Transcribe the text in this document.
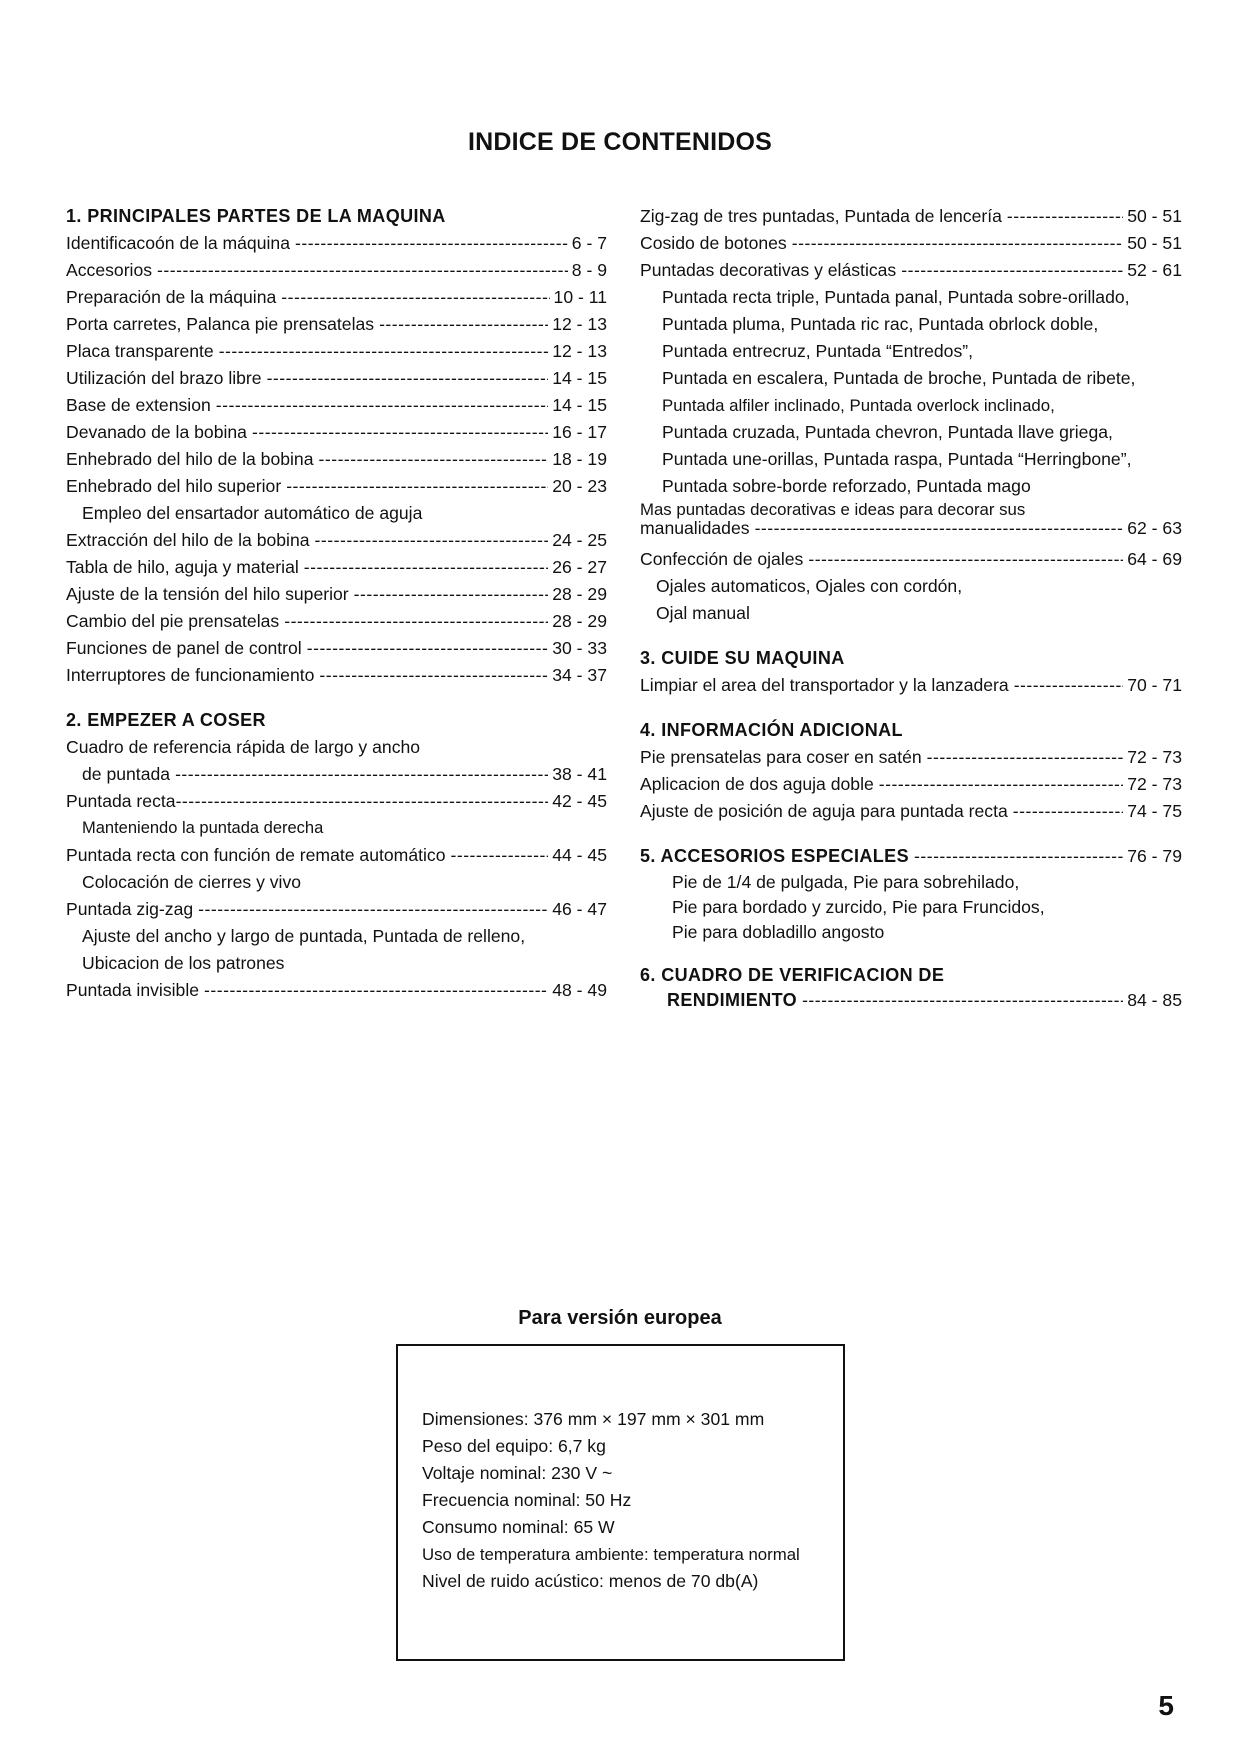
INDICE DE CONTENIDOS
1. PRINCIPALES PARTES DE LA MAQUINA
Identificacoón de la máquina -----	6 - 7
Accesorios -----	8 - 9
Preparación de la máquina -----	10 - 11
Porta carretes, Palanca pie prensatelas -----	12 - 13
Placa transparente -----	12 - 13
Utilización del brazo libre -----	14 - 15
Base de extension -----	14 - 15
Devanado de la bobina -----	16 - 17
Enhebrado del hilo de la bobina -----	18 - 19
Enhebrado del hilo superior -----	20 - 23
Empleo del ensartador automático de aguja
Extracción del hilo de la bobina -----	24 - 25
Tabla de hilo, aguja y material -----	26 - 27
Ajuste de la tensión del hilo superior -----	28 - 29
Cambio del pie prensatelas -----	28 - 29
Funciones de panel de control -----	30 - 33
Interruptores de funcionamiento -----	34 - 37
2. EMPEZER A COSER
Cuadro de referencia rápida de largo y ancho
de puntada -----	38 - 41
Puntada recta -----	42 - 45
Manteniendo la puntada derecha
Puntada recta con función de remate automático -----	44 - 45
Colocación de cierres y vivo
Puntada zig-zag -----	46 - 47
Ajuste del ancho y largo de puntada, Puntada de relleno,
Ubicacion de los patrones
Puntada invisible -----	48 - 49
Zig-zag de tres puntadas, Puntada de lencería -----	50 - 51
Cosido de botones -----	50 - 51
Puntadas decorativas y elásticas -----	52 - 61
Puntada recta triple, Puntada panal, Puntada sobre-orillado,
Puntada pluma, Puntada ric rac, Puntada obrlock doble,
Puntada entrecruz, Puntada “Entredos”,
Puntada en escalera, Puntada de broche, Puntada de ribete,
Puntada alfiler inclinado, Puntada overlock inclinado,
Puntada cruzada, Puntada chevron, Puntada llave griega,
Puntada une-orillas, Puntada raspa, Puntada “Herringbone”,
Puntada sobre-borde reforzado, Puntada mago
Mas puntadas decorativas e ideas para decorar sus
manualidades -----	62 - 63
Confección de ojales -----	64 - 69
Ojales automaticos, Ojales con cordón,
Ojal manual
3. CUIDE SU MAQUINA
Limpiar el area del transportador y la lanzadera -----	70 - 71
4. INFORMACIÓN ADICIONAL
Pie prensatelas para coser en satén -----	72 - 73
Aplicacion de dos aguja doble -----	72 - 73
Ajuste de posición de aguja para puntada recta -----	74 - 75
5. ACCESORIOS ESPECIALES -----	76 - 79
Pie de 1/4 de pulgada, Pie para sobrehilado,
Pie para bordado y zurcido, Pie para Fruncidos,
Pie para dobladillo angosto
6. CUADRO DE VERIFICACION DE
RENDIMIENTO -----	84 - 85
Para versión europea
Dimensiones: 376 mm × 197 mm × 301 mm
Peso del equipo: 6,7 kg
Voltaje nominal: 230 V ~
Frecuencia nominal: 50 Hz
Consumo nominal: 65 W
Uso de temperatura ambiente: temperatura normal
Nivel de ruido acústico: menos de 70 db(A)
5
